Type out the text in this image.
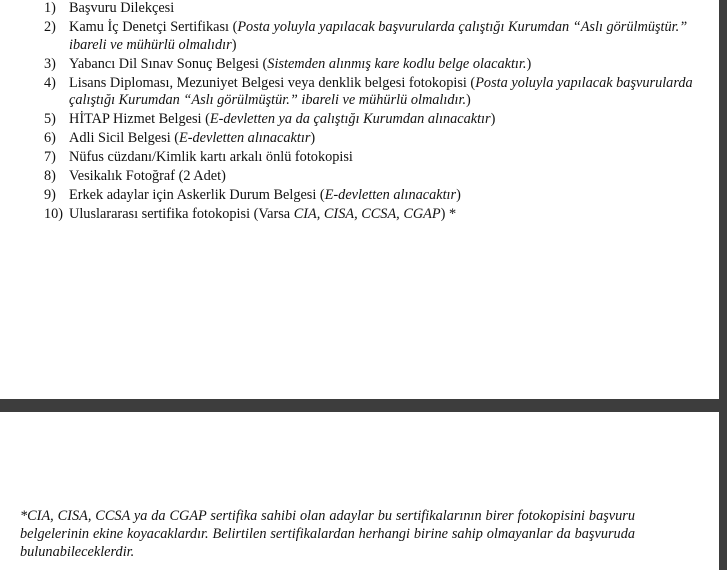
1) Başvuru Dilekçesi
2) Kamu İç Denetçi Sertifikası (Posta yoluyla yapılacak başvurularda çalıştığı Kurumdan “Aslı görülmüştür.” ibareli ve mühürlü olmalıdır)
3) Yabancı Dil Sınav Sonuç Belgesi (Sistemden alınmış kare kodlu belge olacaktır.)
4) Lisans Diploması, Mezuniyet Belgesi veya denklik belgesi fotokopisi (Posta yoluyla yapılacak başvurularda çalıştığı Kurumdan “Aslı görülmüştür.” ibareli ve mühürlü olmalıdır.)
5) HİTAP Hizmet Belgesi (E-devletten ya da çalıştığı Kurumdan alınacaktır)
6) Adli Sicil Belgesi (E-devletten alınacaktır)
7) Nüfus cüzdanı/Kimlik kartı arkalı önlü fotokopisi
8) Vesikalık Fotoğraf (2 Adet)
9) Erkek adaylar için Askerlik Durum Belgesi (E-devletten alınacaktır)
10) Uluslararası sertifika fotokopisi (Varsa CIA, CISA, CCSA, CGAP) *

*CIA, CISA, CCSA ya da CGAP sertifika sahibi olan adaylar bu sertifikalarının birer fotokopisini başvuru belgelerinin ekine koyacaklardır. Belirtilen sertifikalardan herhangi birine sahip olmayanlar da başvuruda bulunabileceklerdir.
